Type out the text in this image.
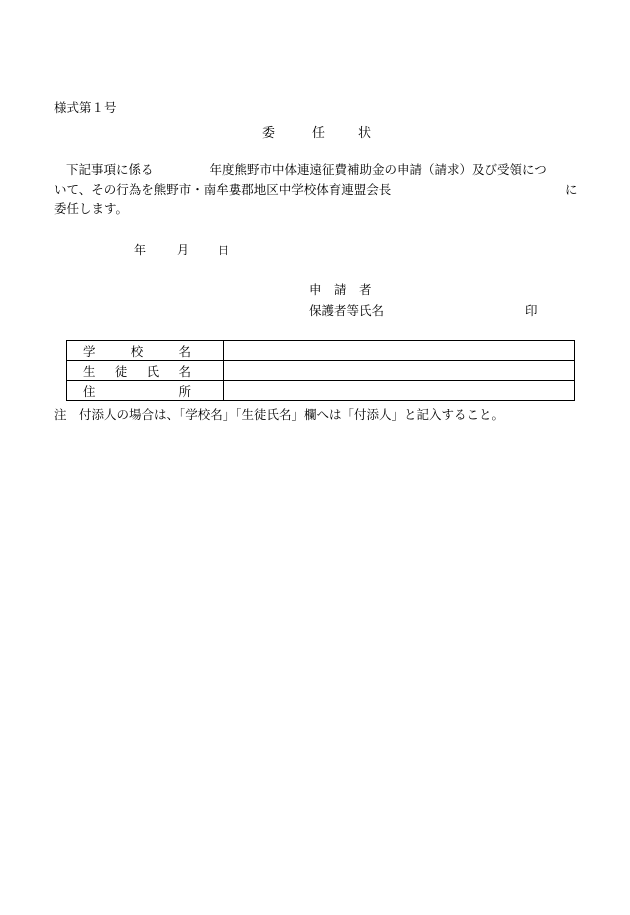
様式第１号
委	任	状
下記事項に係る	年度熊野市中体連遠征費補助金の申請（請求）及び受領につ
いて、その行為を熊野市・南牟婁郡地区中学校体育連盟会長	に
委任します。
年	月	日
申　請　者
保護者等氏名	印
学 校 名	

生 徒 氏 名	

住 所	

注　付添人の場合は、「学校名」「生徒氏名」欄へは「付添人」と記入すること。
